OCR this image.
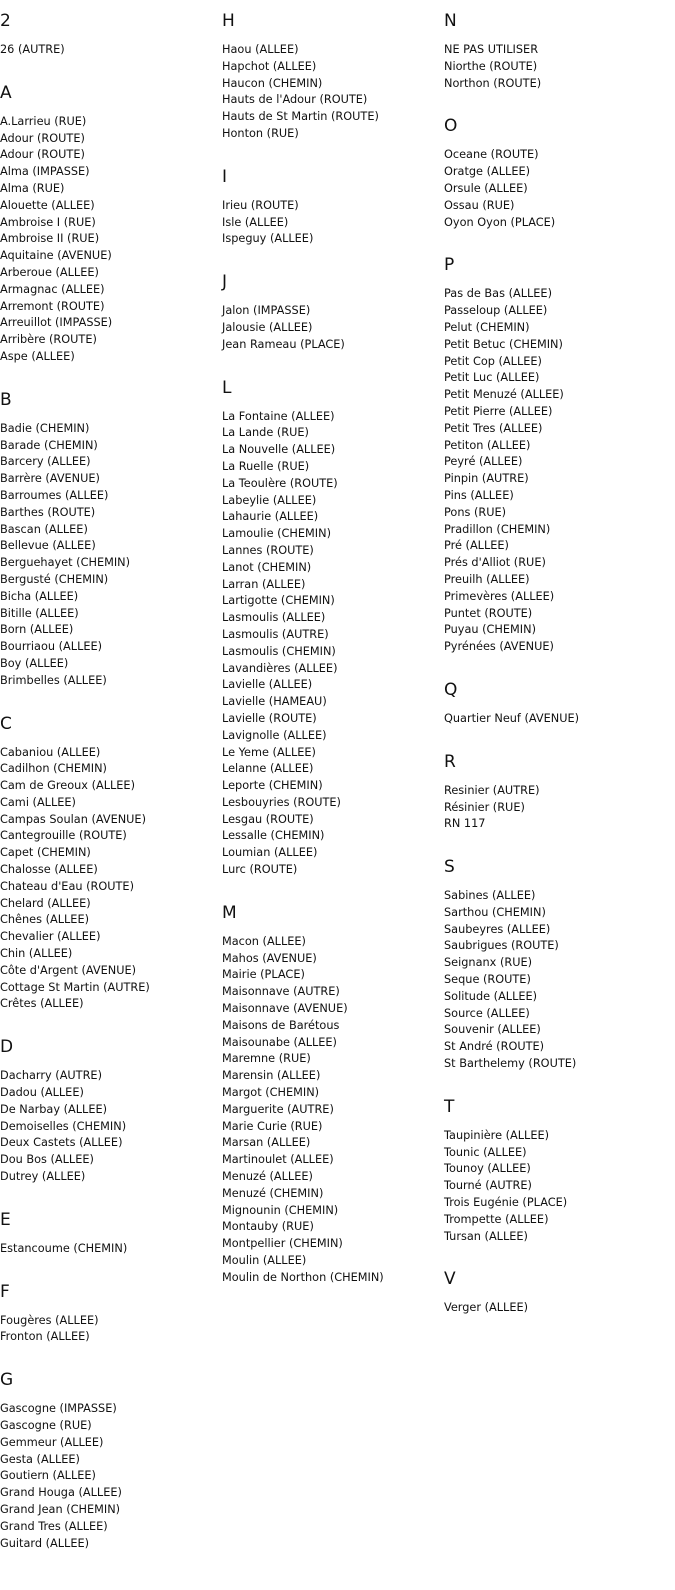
2
26 (AUTRE)
A
A.Larrieu (RUE)
Adour (ROUTE)
Adour (ROUTE)
Alma (IMPASSE)
Alma (RUE)
Alouette (ALLEE)
Ambroise I (RUE)
Ambroise II (RUE)
Aquitaine (AVENUE)
Arberoue (ALLEE)
Armagnac (ALLEE)
Arremont (ROUTE)
Arreuillot (IMPASSE)
Arribère (ROUTE)
Aspe (ALLEE)
B
Badie (CHEMIN)
Barade (CHEMIN)
Barcery (ALLEE)
Barrère (AVENUE)
Barroumes (ALLEE)
Barthes (ROUTE)
Bascan (ALLEE)
Bellevue (ALLEE)
Berguehayet (CHEMIN)
Bergusté (CHEMIN)
Bicha (ALLEE)
Bitille (ALLEE)
Born (ALLEE)
Bourriaou (ALLEE)
Boy (ALLEE)
Brimbelles (ALLEE)
C
Cabaniou (ALLEE)
Cadilhon (CHEMIN)
Cam de Greoux (ALLEE)
Cami (ALLEE)
Campas Soulan (AVENUE)
Cantegrouille (ROUTE)
Capet (CHEMIN)
Chalosse (ALLEE)
Chateau d'Eau (ROUTE)
Chelard (ALLEE)
Chênes (ALLEE)
Chevalier (ALLEE)
Chin (ALLEE)
Côte d'Argent (AVENUE)
Cottage St Martin (AUTRE)
Crêtes (ALLEE)
D
Dacharry (AUTRE)
Dadou (ALLEE)
De Narbay (ALLEE)
Demoiselles (CHEMIN)
Deux Castets (ALLEE)
Dou Bos (ALLEE)
Dutrey (ALLEE)
E
Estancoume (CHEMIN)
F
Fougères (ALLEE)
Fronton (ALLEE)
G
Gascogne (IMPASSE)
Gascogne (RUE)
Gemmeur (ALLEE)
Gesta (ALLEE)
Goutiern (ALLEE)
Grand Houga (ALLEE)
Grand Jean (CHEMIN)
Grand Tres (ALLEE)
Guitard (ALLEE)
H
Haou (ALLEE)
Hapchot (ALLEE)
Haucon (CHEMIN)
Hauts de l'Adour (ROUTE)
Hauts de St Martin (ROUTE)
Honton (RUE)
I
Irieu (ROUTE)
Isle (ALLEE)
Ispeguy (ALLEE)
J
Jalon (IMPASSE)
Jalousie (ALLEE)
Jean Rameau (PLACE)
L
La Fontaine (ALLEE)
La Lande (RUE)
La Nouvelle (ALLEE)
La Ruelle (RUE)
La Teoulère (ROUTE)
Labeylie (ALLEE)
Lahaurie (ALLEE)
Lamoulie (CHEMIN)
Lannes (ROUTE)
Lanot (CHEMIN)
Larran (ALLEE)
Lartigotte (CHEMIN)
Lasmoulis (ALLEE)
Lasmoulis (AUTRE)
Lasmoulis (CHEMIN)
Lavandières (ALLEE)
Lavielle (ALLEE)
Lavielle (HAMEAU)
Lavielle (ROUTE)
Lavignolle (ALLEE)
Le Yeme (ALLEE)
Lelanne (ALLEE)
Leporte (CHEMIN)
Lesbouyries (ROUTE)
Lesgau (ROUTE)
Lessalle (CHEMIN)
Loumian (ALLEE)
Lurc (ROUTE)
M
Macon (ALLEE)
Mahos (AVENUE)
Mairie (PLACE)
Maisonnave (AUTRE)
Maisonnave (AVENUE)
Maisons de Barétous
Maisounabe (ALLEE)
Maremne (RUE)
Marensin (ALLEE)
Margot (CHEMIN)
Marguerite (AUTRE)
Marie Curie (RUE)
Marsan (ALLEE)
Martinoulet (ALLEE)
Menuzé (ALLEE)
Menuzé (CHEMIN)
Mignounin (CHEMIN)
Montauby (RUE)
Montpellier (CHEMIN)
Moulin (ALLEE)
Moulin de Northon (CHEMIN)
N
NE PAS UTILISER
Niorthe (ROUTE)
Northon (ROUTE)
O
Oceane (ROUTE)
Oratge (ALLEE)
Orsule (ALLEE)
Ossau (RUE)
Oyon Oyon (PLACE)
P
Pas de Bas (ALLEE)
Passeloup (ALLEE)
Pelut (CHEMIN)
Petit Betuc (CHEMIN)
Petit Cop (ALLEE)
Petit Luc (ALLEE)
Petit Menuzé (ALLEE)
Petit Pierre (ALLEE)
Petit Tres (ALLEE)
Petiton (ALLEE)
Peyré (ALLEE)
Pinpin (AUTRE)
Pins (ALLEE)
Pons (RUE)
Pradillon (CHEMIN)
Pré (ALLEE)
Prés d'Alliot (RUE)
Preuilh (ALLEE)
Primevères (ALLEE)
Puntet (ROUTE)
Puyau (CHEMIN)
Pyrénées (AVENUE)
Q
Quartier Neuf (AVENUE)
R
Resinier (AUTRE)
Résinier (RUE)
RN 117
S
Sabines (ALLEE)
Sarthou (CHEMIN)
Saubeyres (ALLEE)
Saubrigues (ROUTE)
Seignanx (RUE)
Seque (ROUTE)
Solitude (ALLEE)
Source (ALLEE)
Souvenir (ALLEE)
St André (ROUTE)
St Barthelemy (ROUTE)
T
Taupinière (ALLEE)
Tounic (ALLEE)
Tounoy (ALLEE)
Tourné (AUTRE)
Trois Eugénie (PLACE)
Trompette (ALLEE)
Tursan (ALLEE)
V
Verger (ALLEE)
